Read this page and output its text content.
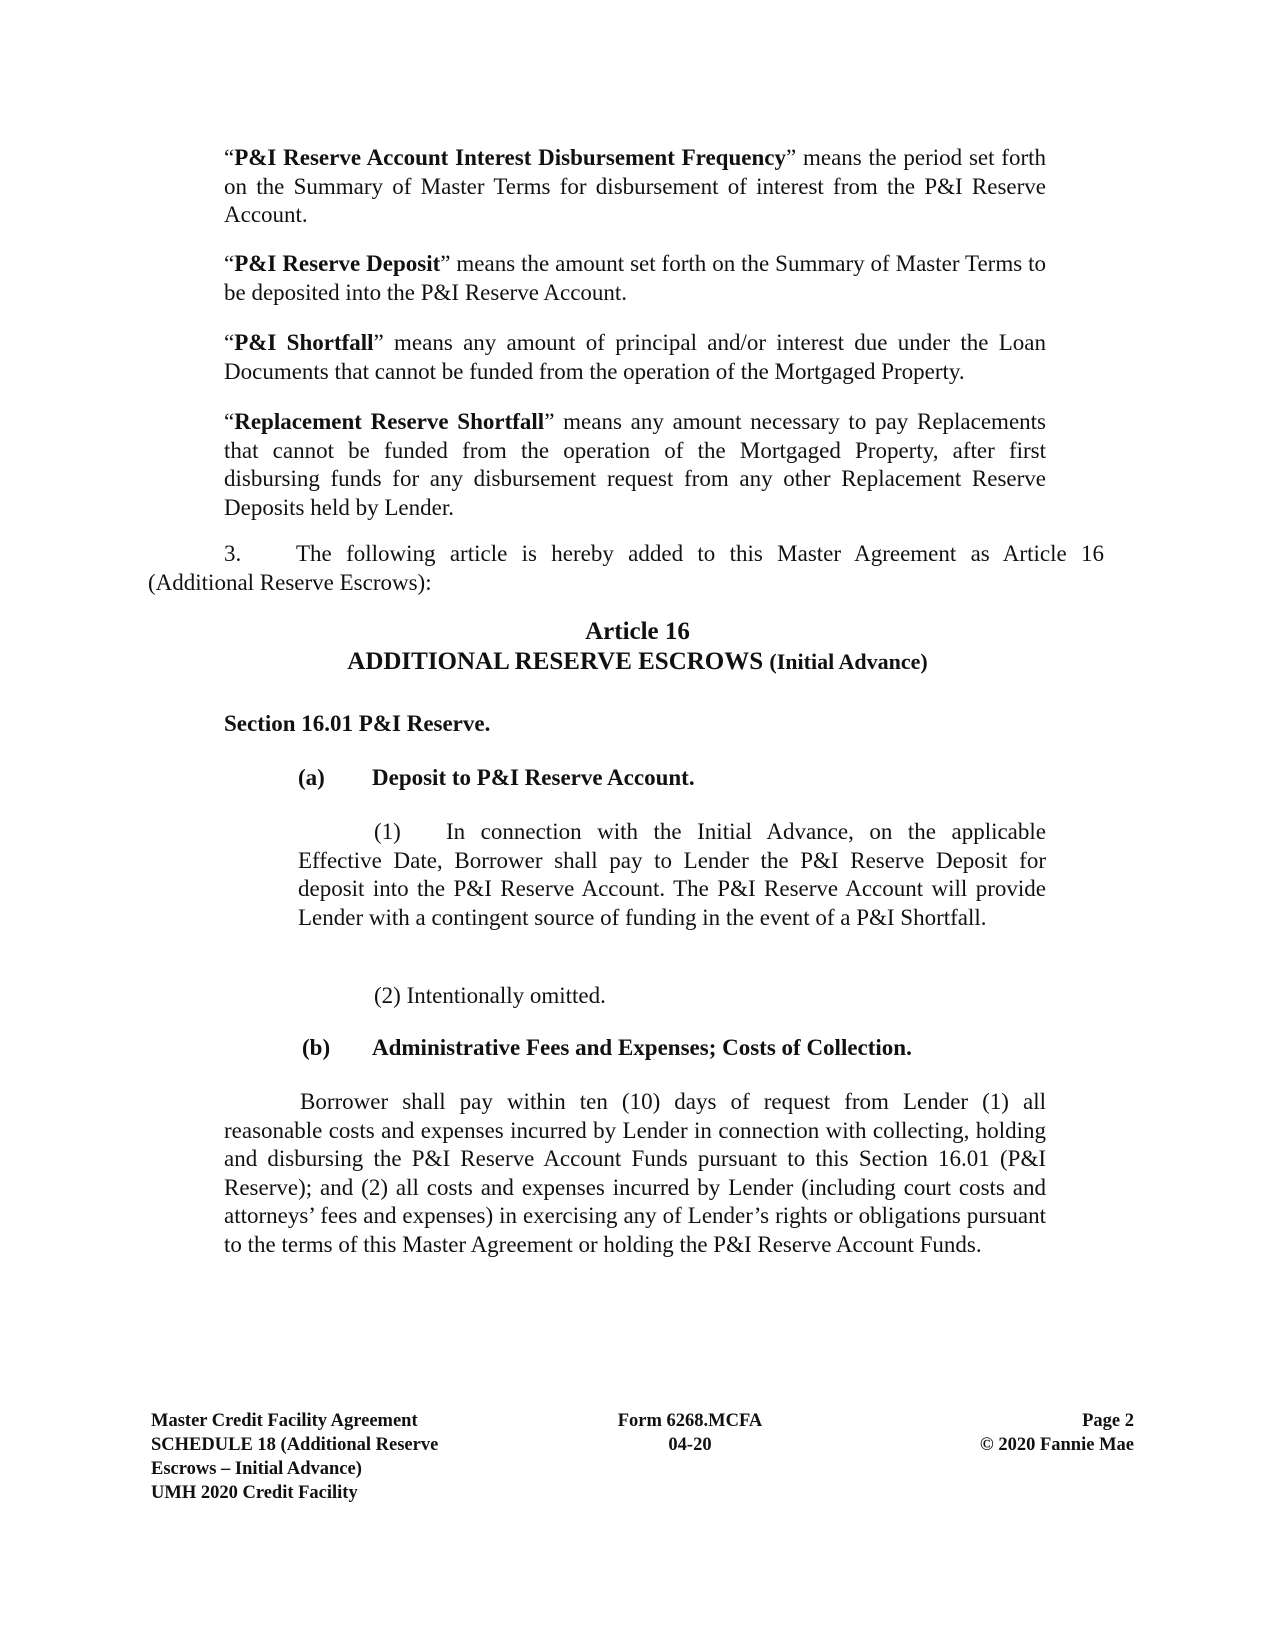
“P&I Reserve Account Interest Disbursement Frequency” means the period set forth on the Summary of Master Terms for disbursement of interest from the P&I Reserve Account.

“P&I Reserve Deposit” means the amount set forth on the Summary of Master Terms to be deposited into the P&I Reserve Account.

“P&I Shortfall” means any amount of principal and/or interest due under the Loan Documents that cannot be funded from the operation of the Mortgaged Property.

“Replacement Reserve Shortfall” means any amount necessary to pay Replacements that cannot be funded from the operation of the Mortgaged Property, after first disbursing funds for any disbursement request from any other Replacement Reserve Deposits held by Lender.

3. The following article is hereby added to this Master Agreement as Article 16 (Additional Reserve Escrows):

Article 16
ADDITIONAL RESERVE ESCROWS (Initial Advance)
Section 16.01 P&I Reserve.
(a) Deposit to P&I Reserve Account.

(1) In connection with the Initial Advance, on the applicable Effective Date, Borrower shall pay to Lender the P&I Reserve Deposit for deposit into the P&I Reserve Account. The P&I Reserve Account will provide Lender with a contingent source of funding in the event of a P&I Shortfall.

(2) Intentionally omitted.

(b) Administrative Fees and Expenses; Costs of Collection.

Borrower shall pay within ten (10) days of request from Lender (1) all reasonable costs and expenses incurred by Lender in connection with collecting, holding and disbursing the P&I Reserve Account Funds pursuant to this Section 16.01 (P&I Reserve); and (2) all costs and expenses incurred by Lender (including court costs and attorneys’ fees and expenses) in exercising any of Lender’s rights or obligations pursuant to the terms of this Master Agreement or holding the P&I Reserve Account Funds.

Master Credit Facility Agreement
SCHEDULE 18 (Additional Reserve
Escrows – Initial Advance)
UMH 2020 Credit Facility
Form 6268.MCFA
04-20
Page 2
© 2020 Fannie Mae
